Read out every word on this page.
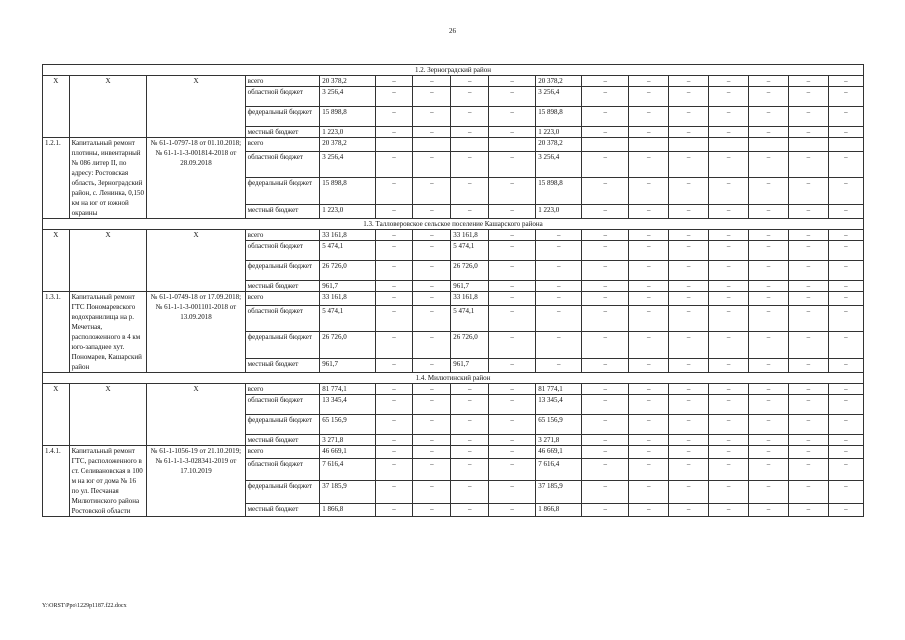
26
1.2. Зерноградский район																
Х	Х	Х	всего	20 378,2	–	–	–	–	20 378,2	–	–	–	–	–	–	–
			областной бюджет	3 256,4	–	–	–	–	3 256,4	–	–	–	–	–	–	–
			федеральный бюджет	15 898,8	–	–	–	–	15 898,8	–	–	–	–	–	–	–
			местный бюджет	1 223,0	–	–	–	–	1 223,0	–	–	–	–	–	–	–
1.2.1.	Капитальный ремонт плотины, инвентарный № 086 литер II, по адресу: Ростовская область, Зерноградский район, с. Ленинка, 0,150 км на юг от южной окраины	№ 61-1-0797-18 от 01.10.2018; № 61-1-1-3-001814-2018 от 28.09.2018	всего	20 378,2					20 378,2							
			областной бюджет	3 256,4	–	–	–	–	3 256,4	–	–	–	–	–	–	–
			федеральный бюджет	15 898,8	–	–	–	–	15 898,8	–	–	–	–	–	–	–
			местный бюджет	1 223,0	–	–	–	–	1 223,0	–	–	–	–	–	–	–
1.3. Талловеровское сельское поселение Кашарского района																
Х	Х	Х	всего	33 161,8	–	–	33 161,8	–	–	–	–	–	–	–	–	–
			областной бюджет	5 474,1	–	–	5 474,1	–	–	–	–	–	–	–	–	–
			федеральный бюджет	26 726,0	–	–	26 726,0	–	–	–	–	–	–	–	–	–
			местный бюджет	961,7	–	–	961,7	–	–	–	–	–	–	–	–	–
1.3.1.	Капитальный ремонт ГТС Пономаревского водохранилища на р. Мечетная, расположенного в 4 км юго-западнее хут. Пономарев, Кашарский район	№ 61-1-0749-18 от 17.09.2018; № 61-1-1-3-001101-2018 от 13.09.2018	всего	33 161,8	–	–	33 161,8	–	–	–	–	–	–	–	–	–
			областной бюджет	5 474,1	–	–	5 474,1	–	–	–	–	–	–	–	–	–
			федеральный бюджет	26 726,0	–	–	26 726,0	–	–	–	–	–	–	–	–	–
			местный бюджет	961,7	–	–	961,7	–	–	–	–	–	–	–	–	–
1.4. Милютинский район																
Х	Х	Х	всего	81 774,1	–	–	–	–	81 774,1	–	–	–	–	–	–	–
			областной бюджет	13 345,4	–	–	–	–	13 345,4	–	–	–	–	–	–	–
			федеральный бюджет	65 156,9	–	–	–	–	65 156,9	–	–	–	–	–	–	–
			местный бюджет	3 271,8	–	–	–	–	3 271,8	–	–	–	–	–	–	–
1.4.1.	Капитальный ремонт ГТС, расположенного в ст. Селивановская в 100 м на юг от дома № 16 по ул. Песчаная Милютинского района Ростовской области	№ 61-1-1056-19 от 21.10.2019; № 61-1-1-3-028341-2019 от 17.10.2019	всего	46 669,1	–	–	–	–	46 669,1	–	–	–	–	–	–	–
			областной бюджет	7 616,4	–	–	–	–	7 616,4	–	–	–	–	–	–	–
			федеральный бюджет	37 185,9	–	–	–	–	37 185,9	–	–	–	–	–	–	–
			местный бюджет	1 866,8	–	–	–	–	1 866,8	–	–	–	–	–	–	–
Y:\ORST\Ppo\1229p1187.f22.docx
